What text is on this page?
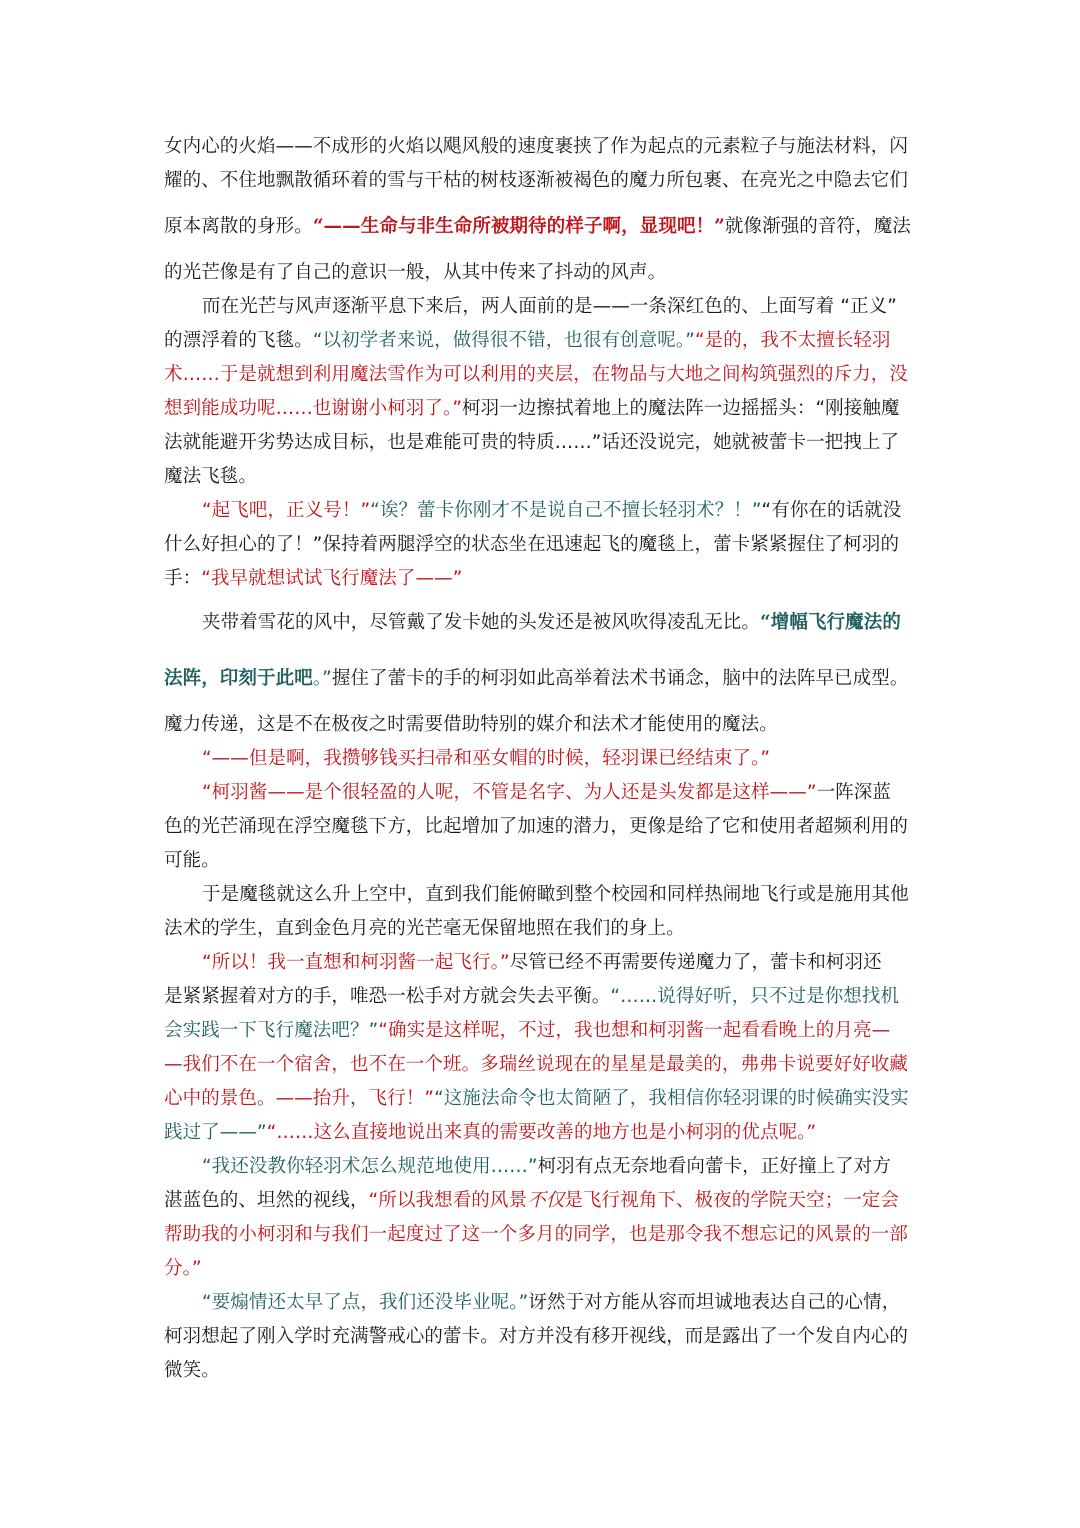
女内心的火焰——不成形的火焰以飓风般的速度裹挟了作为起点的元素粒子与施法材料，闪
耀的、不住地飘散循环着的雪与干枯的树枝逐渐被褐色的魔力所包裹、在亮光之中隐去它们
原本离散的身形。“——生命与非生命所被期待的样子啊，显现吧！”就像渐强的音符，魔法
的光芒像是有了自己的意识一般，从其中传来了抖动的风声。
而在光芒与风声逐渐平息下来后，两人面前的是——一条深红色的、上面写着 “正义”
的漂浮着的飞毯。“以初学者来说，做得很不错，也很有创意呢。”“是的，我不太擅长轻羽
术……于是就想到利用魔法雪作为可以利用的夹层，在物品与大地之间构筑强烈的斥力，没
想到能成功呢……也谢谢小柯羽了。”柯羽一边擦拭着地上的魔法阵一边摇摇头：“刚接触魔
法就能避开劣势达成目标，也是难能可贵的特质……”话还没说完，她就被蕾卡一把拽上了
魔法飞毯。
“起飞吧，正义号！”“诶？蕾卡你刚才不是说自己不擅长轻羽术？！”“有你在的话就没
什么好担心的了！”保持着两腿浮空的状态坐在迅速起飞的魔毯上，蕾卡紧紧握住了柯羽的
手：“我早就想试试飞行魔法了——”
夹带着雪花的风中，尽管戴了发卡她的头发还是被风吹得凌乱无比。“增幅飞行魔法的
法阵，印刻于此吧。”握住了蕾卡的手的柯羽如此高举着法术书诵念，脑中的法阵早已成型。
魔力传递，这是不在极夜之时需要借助特别的媒介和法术才能使用的魔法。
“——但是啊，我攒够钱买扫帚和巫女帽的时候，轻羽课已经结束了。”
“柯羽酱——是个很轻盈的人呢，不管是名字、为人还是头发都是这样——”一阵深蓝
色的光芒涌现在浮空魔毯下方，比起增加了加速的潜力，更像是给了它和使用者超频利用的
可能。
于是魔毯就这么升上空中，直到我们能俯瞰到整个校园和同样热闹地飞行或是施用其他
法术的学生，直到金色月亮的光芒毫无保留地照在我们的身上。
“所以！我一直想和柯羽酱一起飞行。”尽管已经不再需要传递魔力了，蕾卡和柯羽还
是紧紧握着对方的手，唯恐一松手对方就会失去平衡。“……说得好听，只不过是你想找机
会实践一下飞行魔法吧？”“确实是这样呢，不过，我也想和柯羽酱一起看看晚上的月亮—
—我们不在一个宿舍，也不在一个班。多瑞丝说现在的星星是最美的，弗弗卡说要好好收藏
心中的景色。——抬升，飞行！”“这施法命令也太简陋了，我相信你轻羽课的时候确实没实
践过了——”“……这么直接地说出来真的需要改善的地方也是小柯羽的优点呢。”
“我还没教你轻羽术怎么规范地使用……”柯羽有点无奈地看向蕾卡，正好撞上了对方
湛蓝色的、坦然的视线，“所以我想看的风景不仅是飞行视角下、极夜的学院天空；一定会
帮助我的小柯羽和与我们一起度过了这一个多月的同学，也是那令我不想忘记的风景的一部
分。”
“要煽情还太早了点，我们还没毕业呢。”讶然于对方能从容而坦诚地表达自己的心情，
柯羽想起了刚入学时充满警戒心的蕾卡。对方并没有移开视线，而是露出了一个发自内心的
微笑。
